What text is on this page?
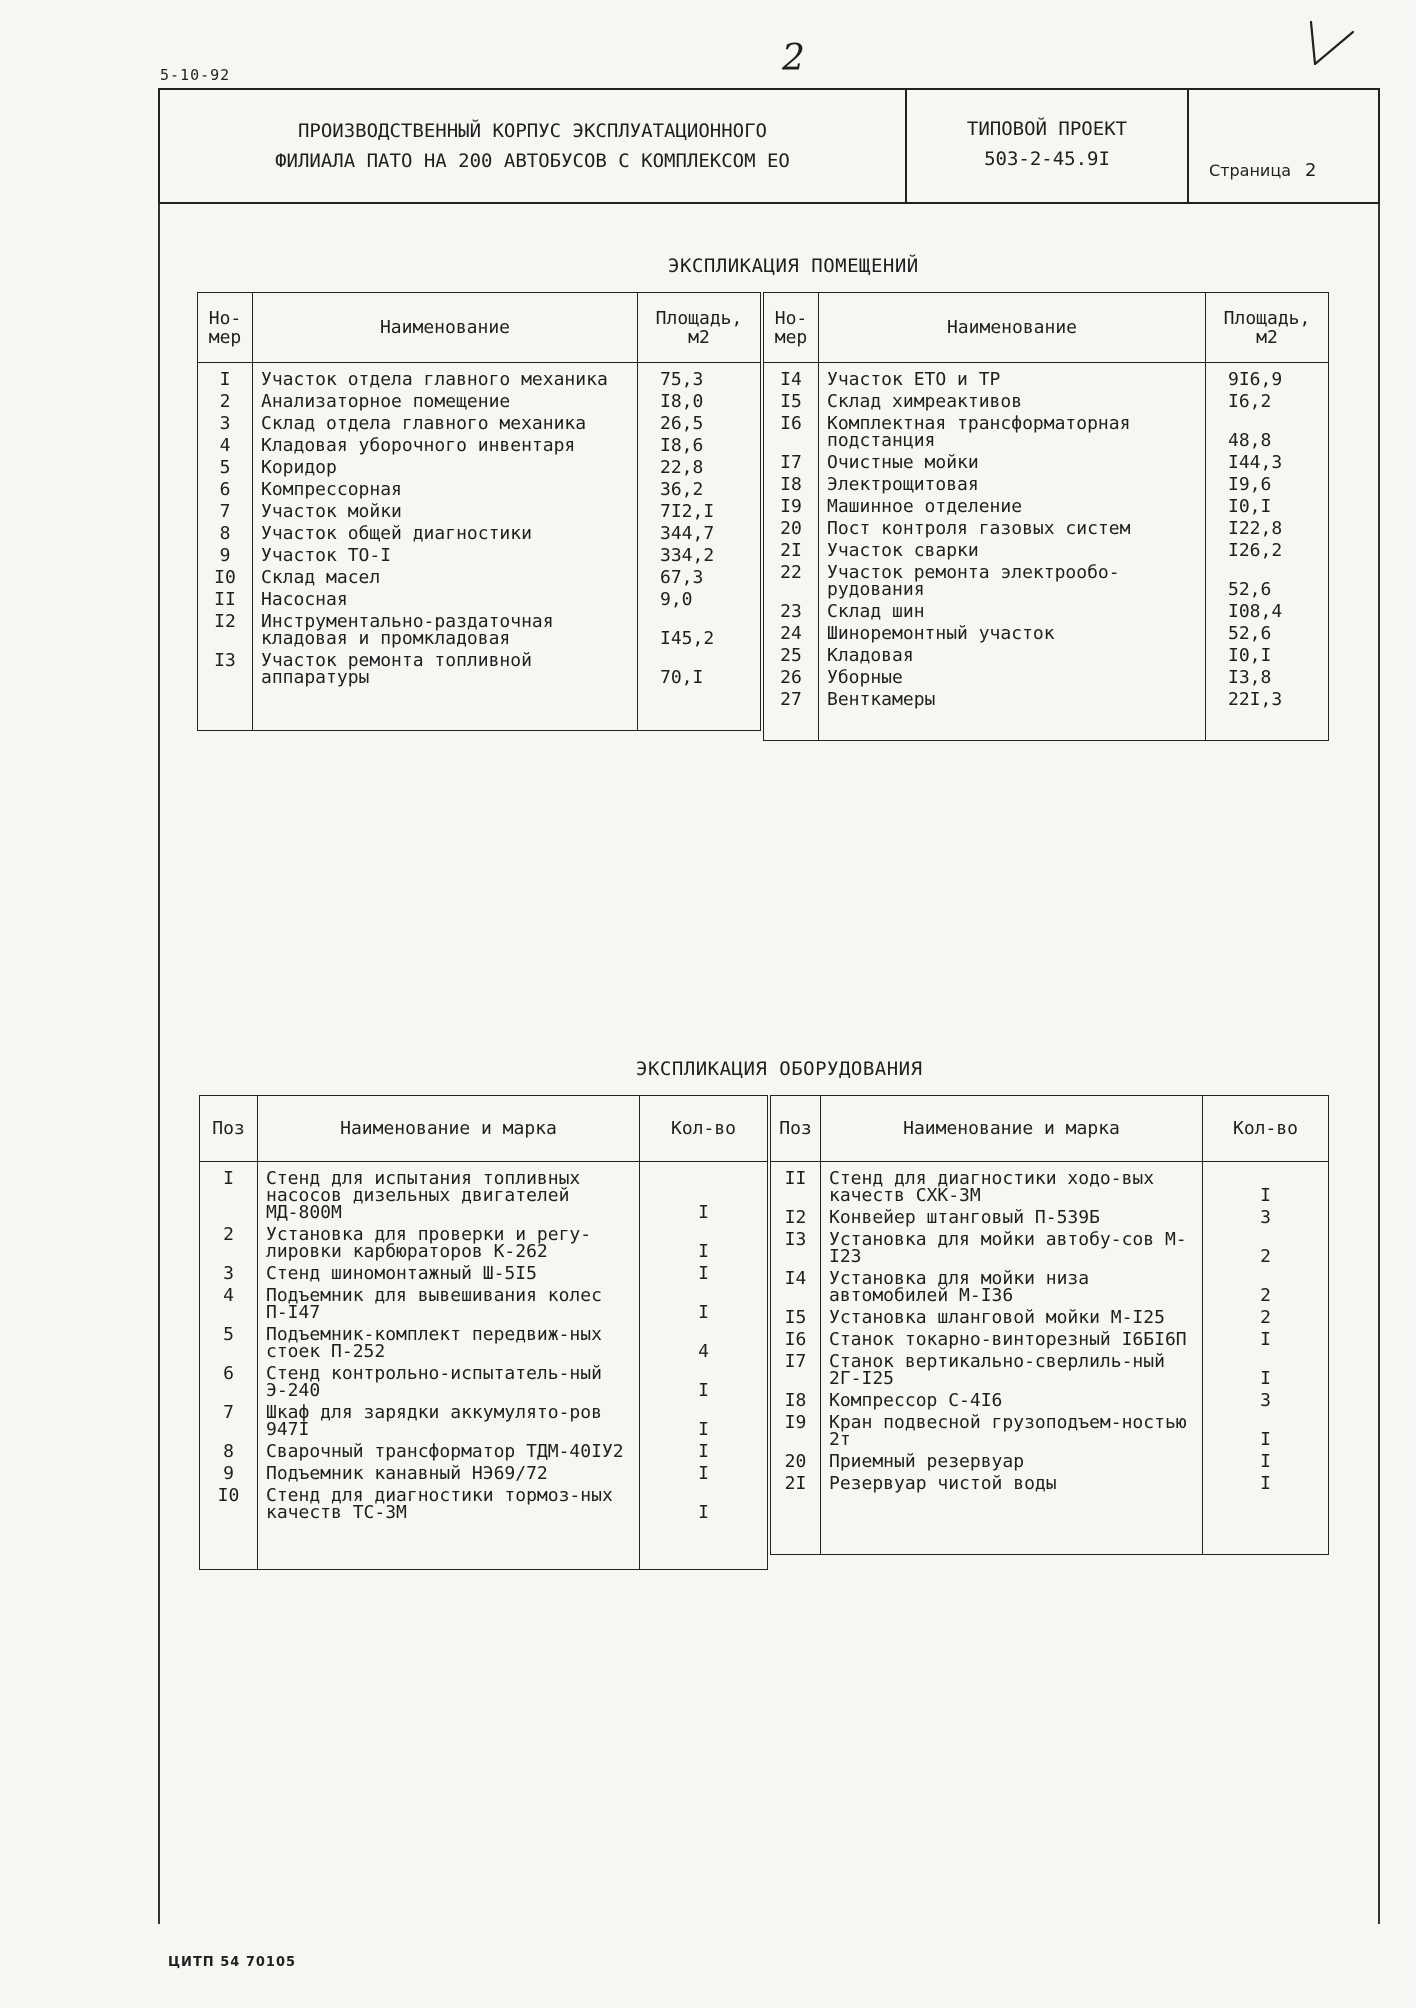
5-10-92	2
ПРОИЗВОДСТВЕННЫЙ КОРПУС ЭКСПЛУАТАЦИОННОГО
ФИЛИАЛА ПАТО НА 200 АВТОБУСОВ С КОМПЛЕКСОМ ЕО
ТИПОВОЙ ПРОЕКТ
503-2-45.9I
Страница 2
ЭКСПЛИКАЦИЯ ПОМЕЩЕНИЙ
Но-мер	Наименование	Площадь, м2

I	Участок отдела главного механика	75,3
2	Анализаторное помещение	I8,0
3	Склад отдела главного механика	26,5
4	Кладовая уборочного инвентаря	I8,6
5	Коридор	22,8
6	Компрессорная	36,2
7	Участок мойки	7I2,I
8	Участок общей диагностики	344,7
9	Участок ТО-I	334,2
I0	Склад масел	67,3
II	Насосная	9,0
I2	Инструментально-раздаточная кладовая и промкладовая	I45,2
I3	Участок ремонта топливной аппаратуры	70,I

Но-мер	Наименование	Площадь, м2

I4	Участок ЕТО и ТР	9I6,9
I5	Склад химреактивов	I6,2
I6	Комплектная трансформаторная подстанция	48,8
I7	Очистные мойки	I44,3
I8	Электрощитовая	I9,6
I9	Машинное отделение	I0,I
20	Пост контроля газовых систем	I22,8
2I	Участок сварки	I26,2
22	Участок ремонта электрообо-рудования	52,6
23	Склад шин	I08,4
24	Шиноремонтный участок	52,6
25	Кладовая	I0,I
26	Уборные	I3,8
27	Венткамеры	22I,3

ЭКСПЛИКАЦИЯ ОБОРУДОВАНИЯ
Поз	Наименование и марка	Кол-во

I	Стенд для испытания топливных насосов дизельных двигателей МД-800М	I
2	Установка для проверки и регу-лировки карбюраторов К-262	I
3	Стенд шиномонтажный Ш-5I5	I
4	Подъемник для вывешивания колес П-I47	I
5	Подъемник-комплект передвиж-ных стоек П-252	4
6	Стенд контрольно-испытатель-ный Э-240	I
7	Шкаф для зарядки аккумулято-ров 947I	I
8	Сварочный трансформатор ТДМ-40IУ2	I
9	Подъемник канавный НЭ69/72	I
I0	Стенд для диагностики тормоз-ных качеств ТС-3М	I

Поз	Наименование и марка	Кол-во

II	Стенд для диагностики ходо-вых качеств СХК-3М	I
I2	Конвейер штанговый П-539Б	3
I3	Установка для мойки автобу-сов М-I23	2
I4	Установка для мойки низа автомобилей М-I36	2
I5	Установка шланговой мойки М-I25	2
I6	Станок токарно-винторезный I6БI6П	I
I7	Станок вертикально-сверлиль-ный 2Г-I25	I
I8	Компрессор С-4I6	3
I9	Кран подвесной грузоподъем-ностью 2т	I
20	Приемный резервуар	I
2I	Резервуар чистой воды	I

ЦИТП 54 70105
